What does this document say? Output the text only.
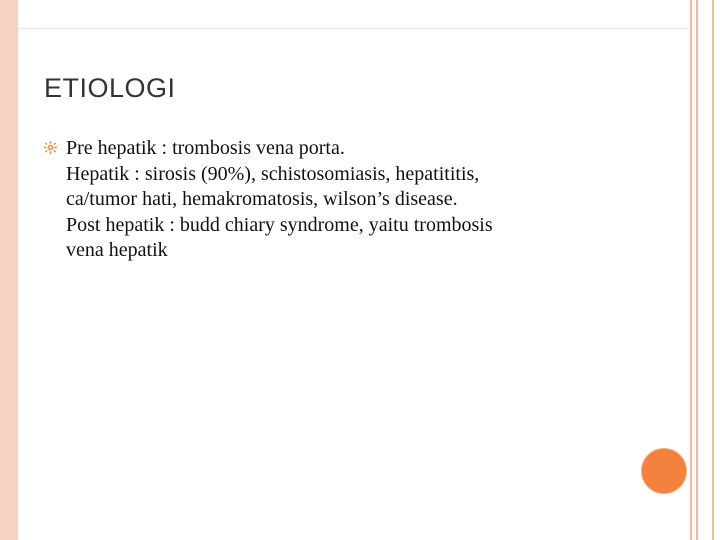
ETIOLOGI
Pre hepatik : trombosis vena porta.
Hepatik : sirosis (90%), schistosomiasis, hepatititis,
ca/tumor hati, hemakromatosis, wilson’s disease.
Post hepatik : budd chiary syndrome, yaitu trombosis
vena hepatik
